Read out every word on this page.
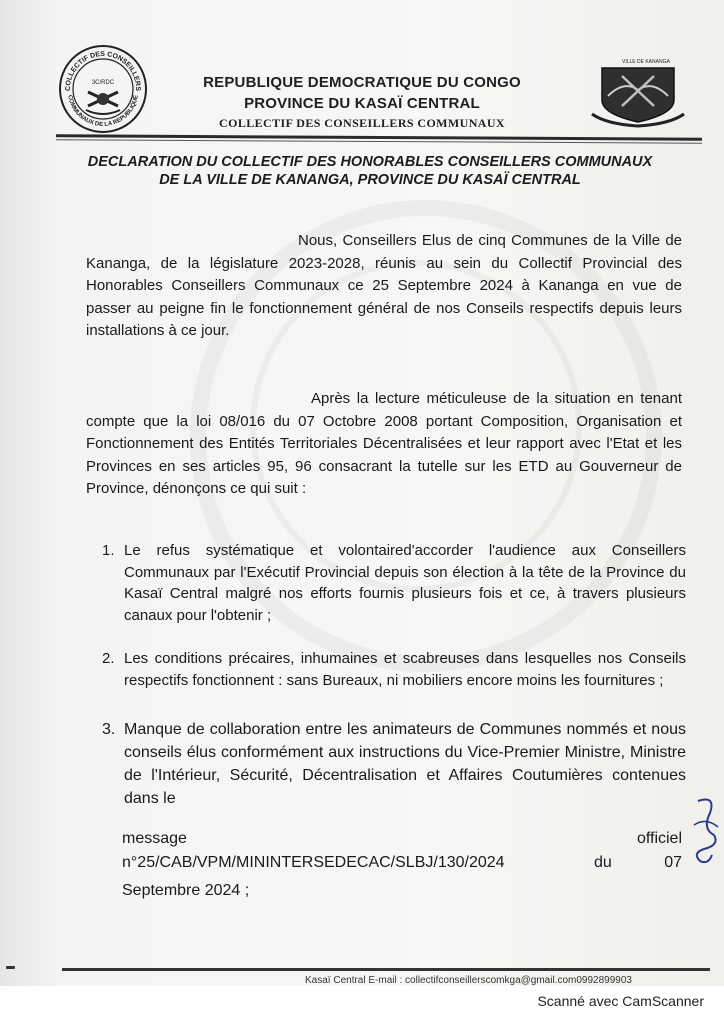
COLLECTIF DES CONSEILLERS
COMMUNAUX DE LA REPUBLIQUE
3C/RDC
VILLE DE KANANGA
REPUBLIQUE DEMOCRATIQUE DU CONGO
PROVINCE DU KASAÏ CENTRAL
COLLECTIF DES CONSEILLERS COMMUNAUX
DECLARATION DU COLLECTIF DES HONORABLES CONSEILLERS COMMUNAUX
DE LA VILLE DE KANANGA, PROVINCE DU KASAÏ CENTRAL

Nous, Conseillers Elus de cinq Communes de la Ville de Kananga, de la législature 2023-2028, réunis au sein du Collectif Provincial des Honorables Conseillers Communaux ce 25 Septembre 2024 à Kananga en vue de passer au peigne fin le fonctionnement général de nos Conseils respectifs depuis leurs installations à ce jour.

Après la lecture méticuleuse de la situation en tenant compte que la loi 08/016 du 07 Octobre 2008 portant Composition, Organisation et Fonctionnement des Entités Territoriales Décentralisées et leur rapport avec l'Etat et les Provinces en ses articles 95, 96 consacrant la tutelle sur les ETD au Gouverneur de Province, dénonçons ce qui suit :

1. Le refus systématique et volontaired'accorder l'audience aux Conseillers Communaux par l'Exécutif Provincial depuis son élection à la tête de la Province du Kasaï Central malgré nos efforts fournis plusieurs fois et ce, à travers plusieurs canaux pour l'obtenir ;
2. Les conditions précaires, inhumaines et scabreuses dans lesquelles nos Conseils respectifs fonctionnent : sans Bureaux, ni mobiliers encore moins les fournitures ;
3. Manque de collaboration entre les animateurs de Communes nommés et nous conseils élus conformément aux instructions du Vice-Premier Ministre, Ministre de l'Intérieur, Sécurité, Décentralisation et Affaires Coutumières contenues dans le
message	officiel
n°25/CAB/VPM/MININTERSEDECAC/SLBJ/130/2024	du	07
Septembre 2024 ;
Kasaï Central E-mail : collectifconseillerscomkga@gmail.com0992899903
Scanné avec CamScanner
